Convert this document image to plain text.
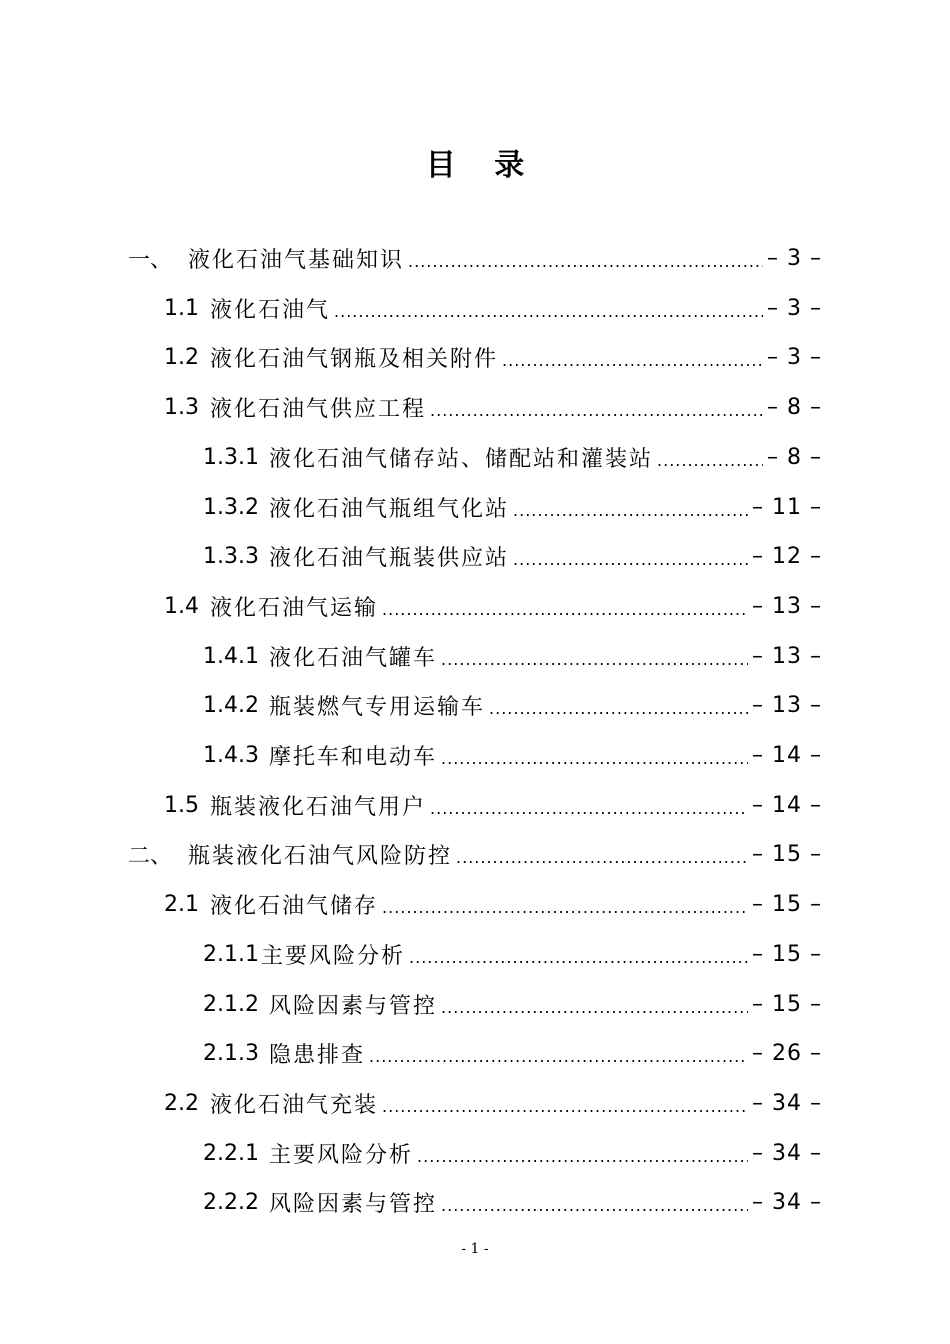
目 录
一、 液化石油气基础知识 .....	– 3 –
1.1 液化石油气 .....	– 3 –
1.2 液化石油气钢瓶及相关附件 .....	– 3 –
1.3 液化石油气供应工程 .....	– 8 –
1.3.1 液化石油气储存站、储配站和灌装站 .....	– 8 –
1.3.2 液化石油气瓶组气化站 .....	– 11 –
1.3.3 液化石油气瓶装供应站 .....	– 12 –
1.4 液化石油气运输 .....	– 13 –
1.4.1 液化石油气罐车 .....	– 13 –
1.4.2 瓶装燃气专用运输车 .....	– 13 –
1.4.3 摩托车和电动车 .....	– 14 –
1.5 瓶装液化石油气用户 .....	– 14 –
二、 瓶装液化石油气风险防控 .....	– 15 –
2.1 液化石油气储存 .....	– 15 –
2.1.1 主要风险分析 .....	– 15 –
2.1.2 风险因素与管控 .....	– 15 –
2.1.3 隐患排查 .....	– 26 –
2.2 液化石油气充装 .....	– 34 –
2.2.1 主要风险分析 .....	– 34 –
2.2.2 风险因素与管控 .....	– 34 –
- 1 -
